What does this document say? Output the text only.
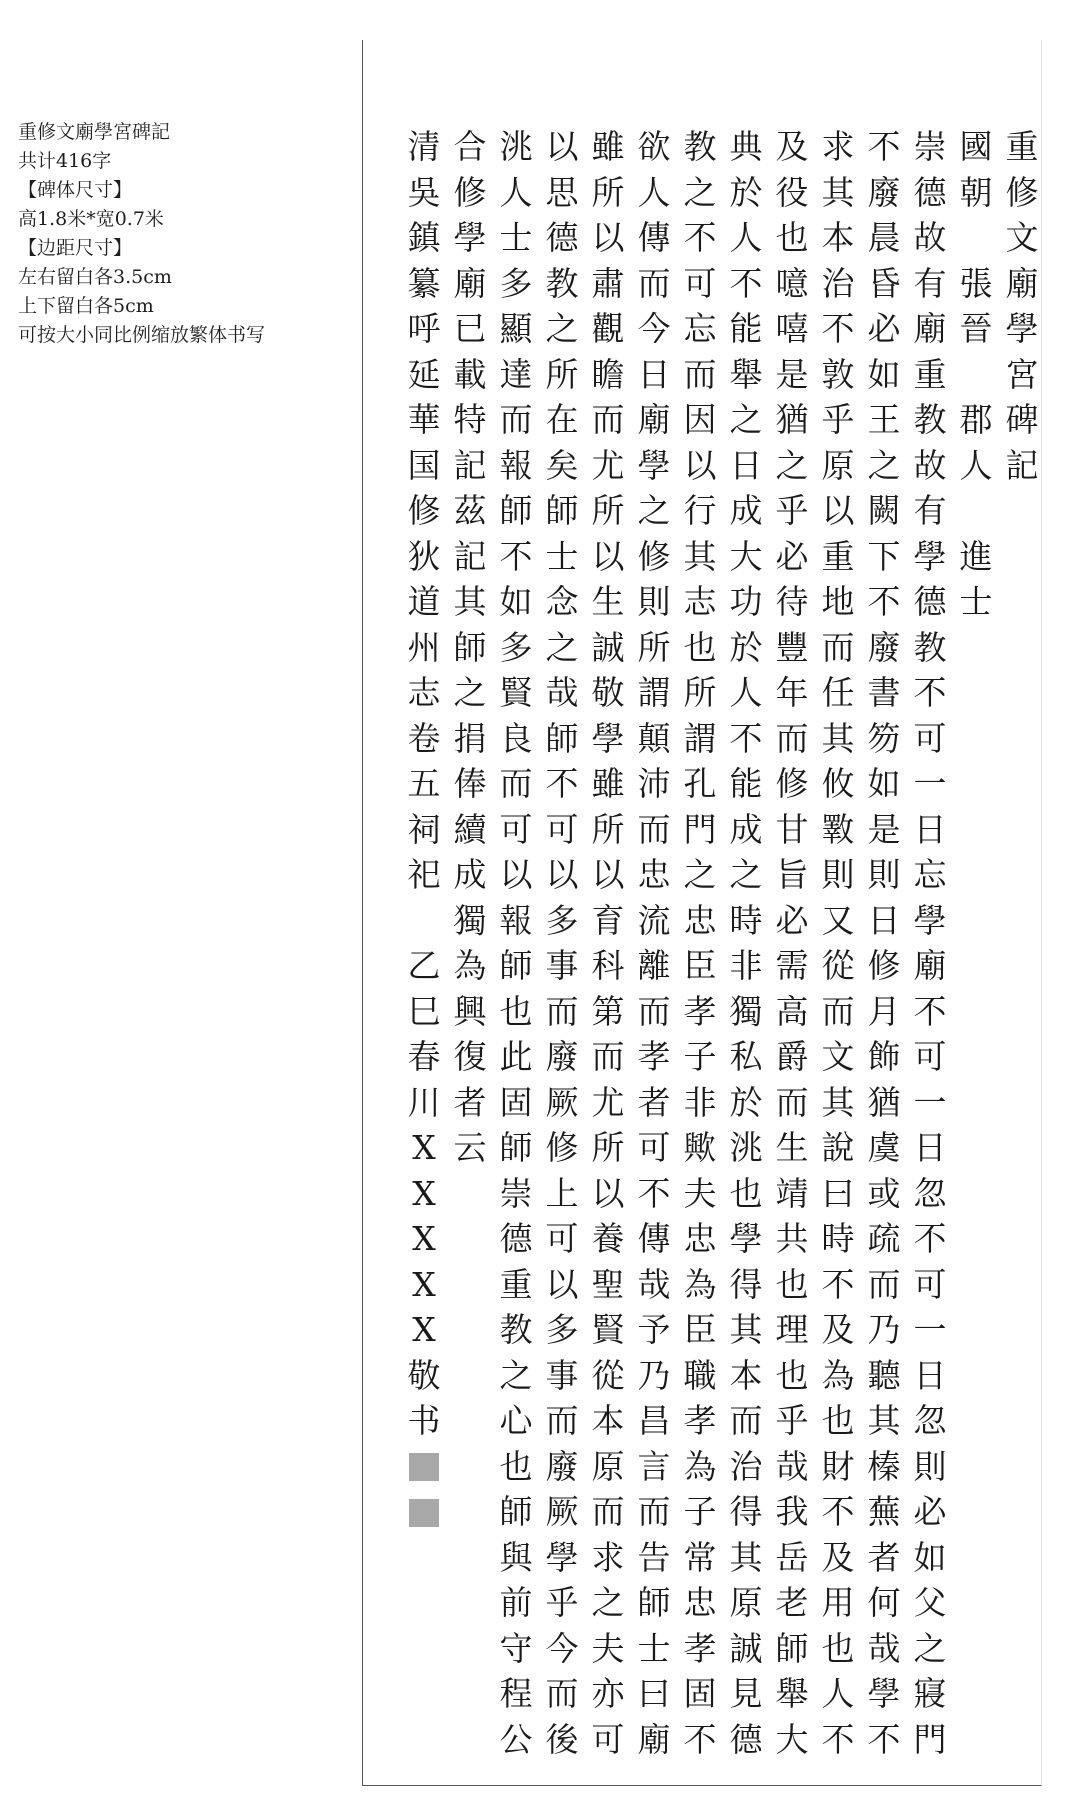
重修文廟學宮碑記
共计416字
【碑体尺寸】
高1.8米*宽0.7米
【边距尺寸】
左右留白各3.5cm
上下留白各5cm
可按大小同比例缩放繁体书写
重
修
文
廟
學
宮
碑
記
國
朝
張
晉
郡
人
進
士
崇
德
故
有
廟
重
教
故
有
學
德
教
不
可
一
日
忘
學
廟
不
可
一
日
忽
不
可
一
日
忽
則
必
如
父
之
寢
門
不
廢
晨
昏
必
如
王
之
闕
下
不
廢
書
笏
如
是
則
日
修
月
飾
猶
虞
或
疏
而
乃
聽
其
榛
蕪
者
何
哉
學
不
求
其
本
治
不
敦
乎
原
以
重
地
而
任
其
攸
斁
則
又
從
而
文
其
說
曰
時
不
及
為
也
財
不
及
用
也
人
不
及
役
也
噫
嘻
是
猶
之
乎
必
待
豐
年
而
修
甘
旨
必
需
高
爵
而
生
靖
共
也
理
也
乎
哉
我
岳
老
師
舉
大
典
於
人
不
能
舉
之
日
成
大
功
於
人
不
能
成
之
時
非
獨
私
於
洮
也
學
得
其
本
而
治
得
其
原
誠
見
德
教
之
不
可
忘
而
因
以
行
其
志
也
所
謂
孔
門
之
忠
臣
孝
子
非
歟
夫
忠
為
臣
職
孝
為
子
常
忠
孝
固
不
欲
人
傳
而
今
日
廟
學
之
修
則
所
謂
顛
沛
而
忠
流
離
而
孝
者
可
不
傳
哉
予
乃
昌
言
而
告
師
士
曰
廟
雖
所
以
肅
觀
瞻
而
尤
所
以
生
誠
敬
學
雖
所
以
育
科
第
而
尤
所
以
養
聖
賢
從
本
原
而
求
之
夫
亦
可
以
思
德
教
之
所
在
矣
師
士
念
之
哉
師
不
可
以
多
事
而
廢
厥
修
上
可
以
多
事
而
廢
厥
學
乎
今
而
後
洮
人
士
多
顯
達
而
報
師
不
如
多
賢
良
而
可
以
報
師
也
此
固
師
崇
德
重
教
之
心
也
師
與
前
守
程
公
合
修
學
廟
已
載
特
記
茲
記
其
師
之
捐
俸
續
成
獨
為
興
復
者
云
清
吳
鎮
纂
呼
延
華
国
修
狄
道
州
志
卷
五
祠
祀
乙
巳
春
川
X
X
X
X
X
敬
书
